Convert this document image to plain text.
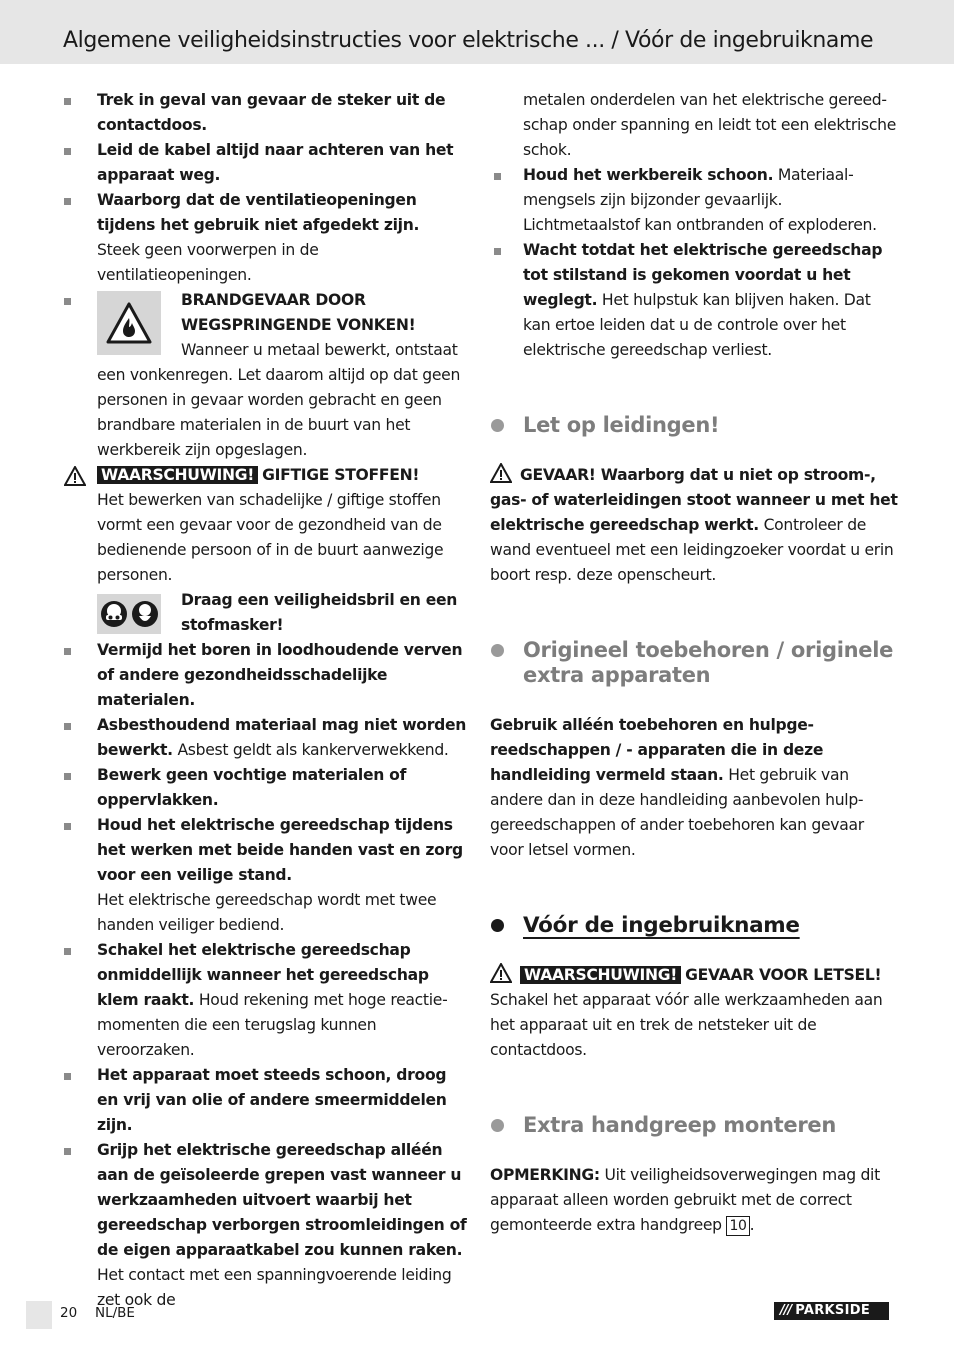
Algemene veiligheidsinstructies voor elektrische ... / Vóór de ingebruikname

Trek in geval van gevaar de steker uit de contactdoos.

Leid de kabel altijd naar achteren van het apparaat weg.

Waarborg dat de ventilatieopeningen tijdens het gebruik niet afgedekt zijn.

Steek geen voorwerpen in de ventilatieopeningen.

BRANDGEVAAR DOOR

WEGSPRINGENDE VONKEN!

Wanneer u metaal bewerkt, ontstaat

een vonkenregen. Let daarom altijd op dat geen personen in gevaar worden gebracht en geen brandbare materialen in de buurt van het werkbereik zijn opgeslagen.

WAARSCHUWING! GIFTIGE STOFFEN!

Het bewerken van schadelijke / giftige stoffen vormt een gevaar voor de gezondheid van de bedienende persoon of in de buurt aanwezige personen.

Draag een veiligheidsbril en een stofmasker!

Vermijd het boren in loodhoudende verven of andere gezondheidsschadelijke materialen.

Asbesthoudend materiaal mag niet worden bewerkt. Asbest geldt als kankerverwekkend.

Bewerk geen vochtige materialen of oppervlakken.

Houd het elektrische gereedschap tijdens het werken met beide handen vast en zorg voor een veilige stand.

Het elektrische gereedschap wordt met twee handen veiliger bediend.

Schakel het elektrische gereedschap onmiddellijk wanneer het gereedschap klem raakt. Houd rekening met hoge reactiemomenten die een terugslag kunnen veroorzaken.

Het apparaat moet steeds schoon, droog en vrij van olie of andere smeermiddelen zijn.

Grijp het elektrische gereedschap alléén aan de geïsoleerde grepen vast wanneer u werkzaamheden uitvoert waarbij het gereedschap verborgen stroomleidingen of de eigen apparaatkabel zou kunnen raken. Het contact met een spanningvoerende leiding zet ook de

metalen onderdelen van het elektrische gereedschap onder spanning en leidt tot een elektrische schok.

Houd het werkbereik schoon. Materiaalmengsels zijn bijzonder gevaarlijk. Lichtmetaalstof kan ontbranden of exploderen.

Wacht totdat het elektrische gereedschap tot stilstand is gekomen voordat u het weglegt. Het hulpstuk kan blijven haken. Dat kan ertoe leiden dat u de controle over het elektrische gereedschap verliest.

Let op leidingen!

GEVAAR! Waarborg dat u niet op stroom-, gas- of waterleidingen stoot wanneer u met het elektrische gereedschap werkt. Controleer de wand eventueel met een leidingzoeker voordat u erin boort resp. deze openscheurt.

Origineel toebehoren / originele extra apparaten

Gebruik alléén toebehoren en hulpgereedschappen / - apparaten die in deze handleiding vermeld staan. Het gebruik van andere dan in deze handleiding aanbevolen hulpgereedschappen of ander toebehoren kan gevaar voor letsel vormen.

Vóór de ingebruikname

WAARSCHUWING! GEVAAR VOOR LETSEL! Schakel het apparaat vóór alle werkzaamheden aan het apparaat uit en trek de netsteker uit de contactdoos.

Extra handgreep monteren

OPMERKING: Uit veiligheidsoverwegingen mag dit apparaat alleen worden gebruikt met de correct gemonteerde extra handgreep 10 .

20 NL/BE	/// PARKSIDE
